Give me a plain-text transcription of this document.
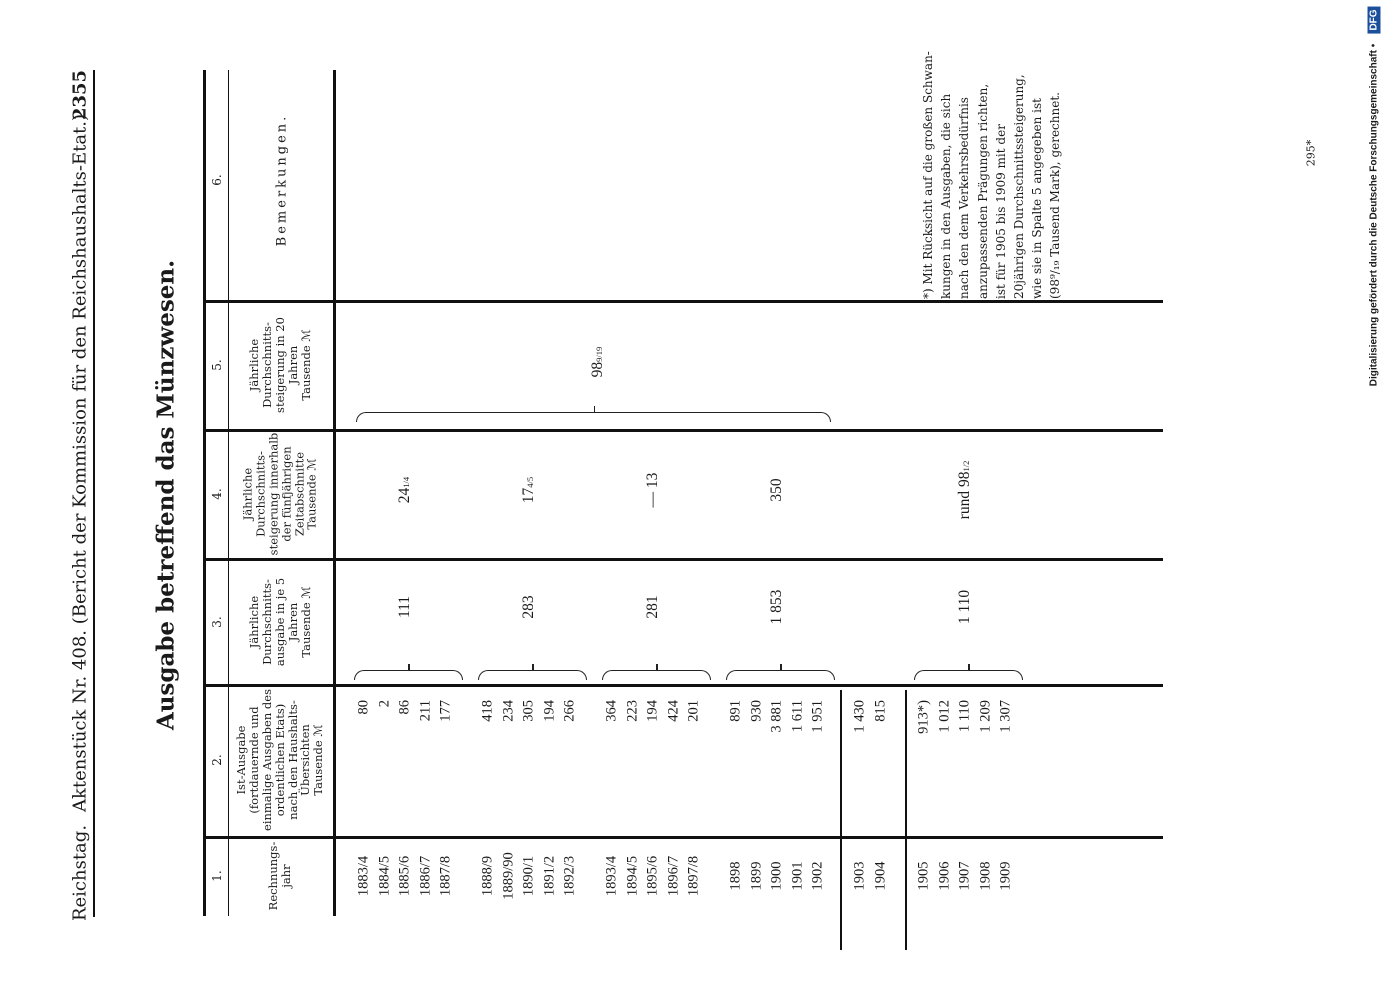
Reichstag.
Aktenstück Nr. 408. (Bericht der Kommission für den Reichshaushalts-Etat.)
2355
Ausgabe betreffend das Münzwesen.
1.
2.
3.
4.
5.
6.
Rechnungs-jahr
Ist-Ausgabe (fortdauernde und einmalige Ausgaben des ordentlichen Etats) nach den Haushalts-Übersichten
Tausende ℳ
Jährliche Durchschnitts-ausgabe in je 5 Jahren
Tausende ℳ
Jährliche Durchschnitts-steigerung innerhalb der fünfjährigen Zeitabschnitte
Tausende ℳ
Jährliche Durchschnitts-steigerung in 20 Jahren
Tausende ℳ
Bemerkungen.
1883/4
80
1884/5
2
1885/6
86
1886/7
211
1887/8
177
111
241/4
1888/9
418
1889/90
234
1890/1
305
1891/2
194
1892/3
266
283
174/5
1893/4
364
1894/5
223
1895/6
194
1896/7
424
1897/8
201
281
— 13
1898
891
1899
930
1900
3 881
1901
1 611
1902
1 951
1 853
350
1903
1 430
1904
815
1905
913*)
1906
1 012
1907
1 110
1908
1 209
1909
1 307
1 110
rund 981/2
989/19
*) Mit Rücksicht auf die großen Schwan- kungen in den Ausgaben, die sich nach den dem Verkehrsbedürfnis anzupassenden Prägungen richten, ist für 1905 bis 1909 mit der 20jährigen Durchschnittssteigerung, wie sie in Spalte 5 angegeben ist (98⁹/₁₉ Tausend Mark), gerechnet.	295*	Digitalisierung gefördert durch die Deutsche Forschungsgemeinschaft •
DFG
